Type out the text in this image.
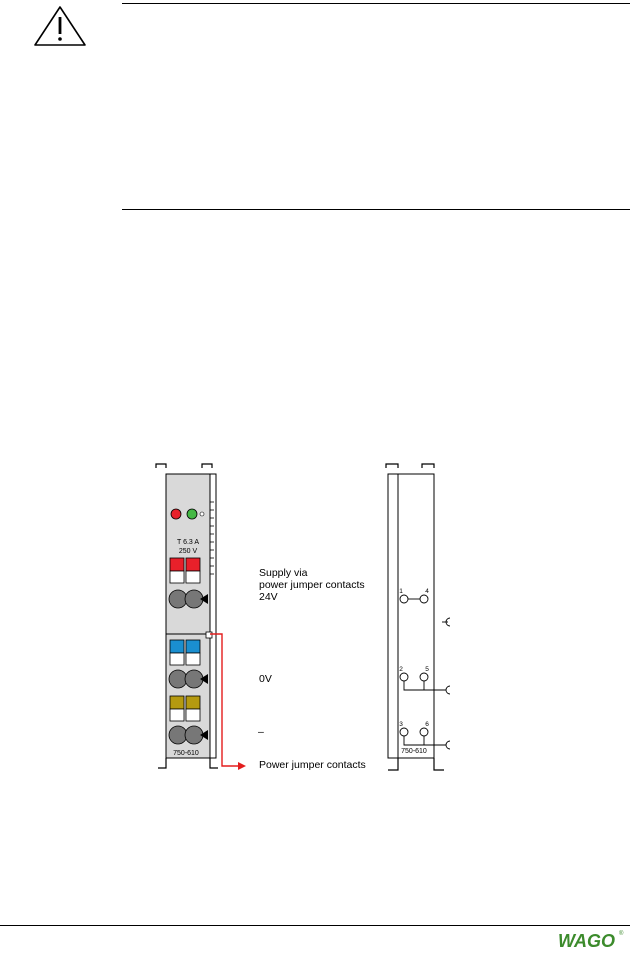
T 6.3 A
250 V
750-610
1	4
2	5
3	6
750-610
Supply via
power jumper contacts
24V
0V
–
Power jumper contacts
WAGO ®
